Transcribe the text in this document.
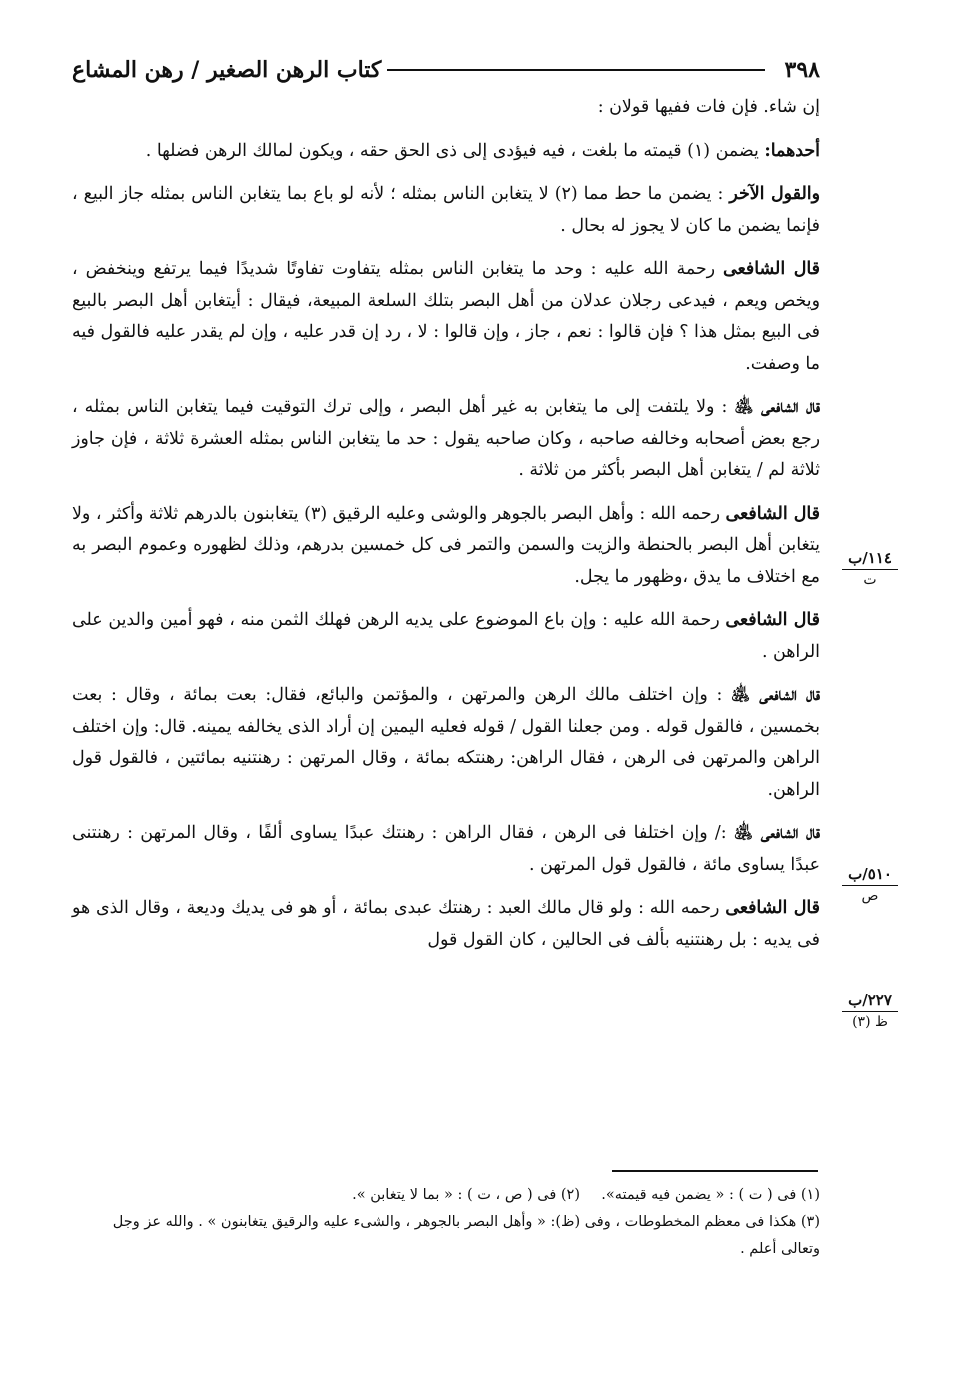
٣٩٨
كتاب الرهن الصغير / رهن المشاع

إن شاء. فإن فات ففيها قولان :

أحدهما: يضمن (١) قيمته ما بلغت ، فيه فيؤدى إلى ذى الحق حقه ، ويكون لمالك الرهن فضلها .

والقول الآخر : يضمن ما حط مما (٢) لا يتغابن الناس بمثله ؛ لأنه لو باع بما يتغابن الناس بمثله جاز البيع ، فإنما يضمن ما كان لا يجوز له بحال .

قال الشافعى رحمة الله عليه : وحد ما يتغابن الناس بمثله يتفاوت تفاوتًا شديدًا فيما يرتفع وينخفض ، ويخص ويعم ، فيدعى رجلان عدلان من أهل البصر بتلك السلعة المبيعة، فيقال : أيتغابن أهل البصر بالبيع فى البيع بمثل هذا ؟ فإن قالوا : نعم ، جاز ، وإن قالوا : لا ، رد إن قدر عليه ، وإن لم يقدر عليه فالقول فيه ما وصفت.

قال الشافعى ﵁ : ولا يلتفت إلى ما يتغابن به غير أهل البصر ، وإلى ترك التوقيت فيما يتغابن الناس بمثله ، رجع بعض أصحابه وخالفه صاحبه ، وكان صاحبه يقول : حد ما يتغابن الناس بمثله العشرة ثلاثة ، فإن جاوز ثلاثة لم / يتغابن أهل البصر بأكثر من ثلاثة .

قال الشافعى رحمه الله : وأهل البصر بالجوهر والوشى وعليه الرقيق (٣) يتغابنون بالدرهم ثلاثة وأكثر ، ولا يتغابن أهل البصر بالحنطة والزيت والسمن والتمر فى كل خمسين بدرهم، وذلك لظهوره وعموم البصر به مع اختلاف ما يدق ،وظهور ما يجل.

قال الشافعى رحمة الله عليه : وإن باع الموضوع على يديه الرهن فهلك الثمن منه ، فهو أمين والدين على الراهن .

قال الشافعى ﵁ : وإن اختلف مالك الرهن والمرتهن ، والمؤتمن والبائع، فقال: بعت بمائة ، وقال : بعت بخمسين ، فالقول قوله . ومن جعلنا القول / قوله فعليه اليمين إن أراد الذى يخالفه يمينه. قال: وإن اختلف الراهن والمرتهن فى الرهن ، فقال الراهن: رهنتكه بمائة ، وقال المرتهن : رهنتنيه بمائتين ، فالقول قول الراهن.

قال الشافعى ﵁ :/ وإن اختلفا فى الرهن ، فقال الراهن : رهنتك عبدًا يساوى ألفًا ، وقال المرتهن : رهنتنى عبدًا يساوى مائة ، فالقول قول المرتهن .

قال الشافعى رحمه الله : ولو قال مالك العبد : رهنتك عبدى بمائة ، أو هو فى يديك وديعة ، وقال الذى هو فى يديه : بل رهنتنيه بألف فى الحالين ، كان القول قول

١١٤/ب
ت
٥١٠/ب
ص
٢٢٧/ب
ظ (٣)
(١) فى ( ت ) : « يضمن فيه قيمته».
(٢) فى ( ص ، ت ) : « بما لا يتغابن ».
(٣) هكذا فى معظم المخطوطات ، وفى (ظ): « وأهل البصر بالجوهر ، والشىء عليه والرقيق يتغابنون » . والله عز وجل وتعالى أعلم .
